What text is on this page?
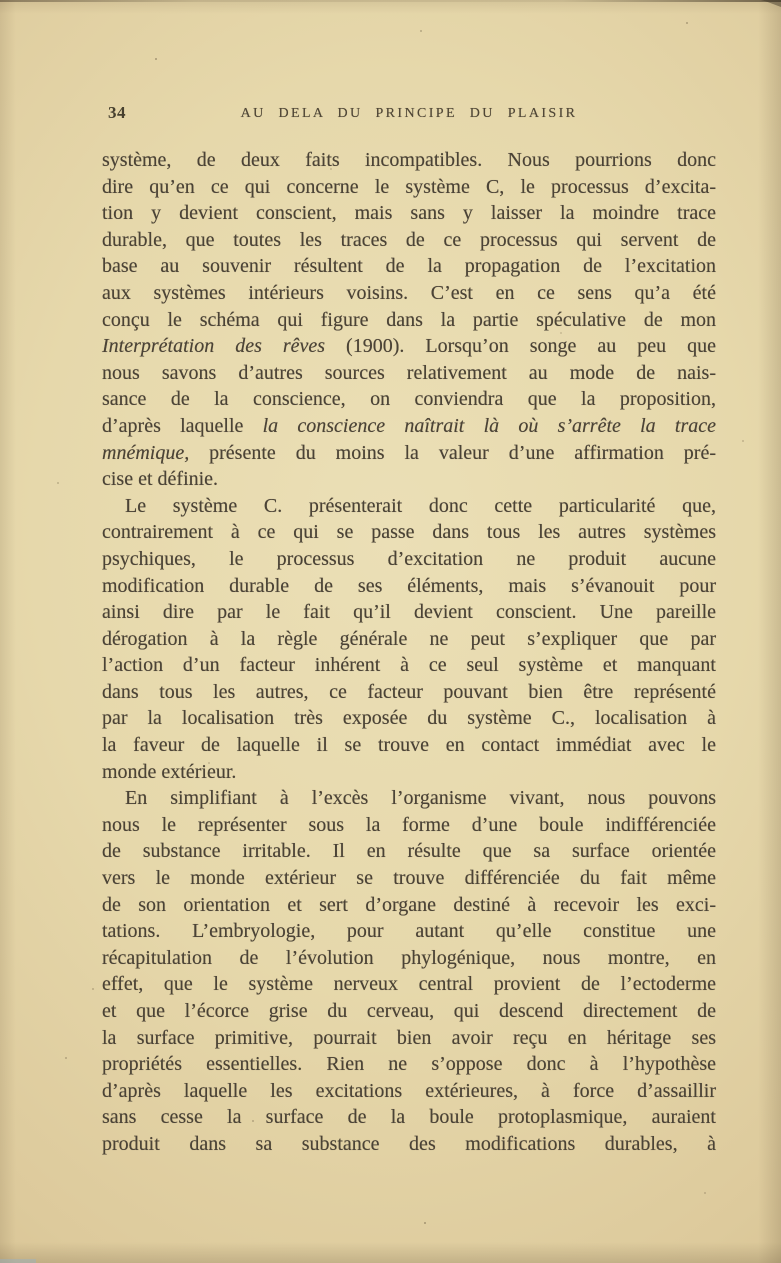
34	AU DELA DU PRINCIPE DU PLAISIR
système, de deux faits incompatibles. Nous pourrions donc
dire qu’en ce qui concerne le système C, le processus d’excita-
tion y devient conscient, mais sans y laisser la moindre trace
durable, que toutes les traces de ce processus qui servent de
base au souvenir résultent de la propagation de l’excitation
aux systèmes intérieurs voisins. C’est en ce sens qu’a été
conçu le schéma qui figure dans la partie spéculative de mon
Interprétation des rêves (1900). Lorsqu’on songe au peu que
nous savons d’autres sources relativement au mode de nais-
sance de la conscience, on conviendra que la proposition,
d’après laquelle la conscience naîtrait là où s’arrête la trace
mnémique, présente du moins la valeur d’une affirmation pré-
cise et définie.
Le système C. présenterait donc cette particularité que,
contrairement à ce qui se passe dans tous les autres systèmes
psychiques, le processus d’excitation ne produit aucune
modification durable de ses éléments, mais s’évanouit pour
ainsi dire par le fait qu’il devient conscient. Une pareille
dérogation à la règle générale ne peut s’expliquer que par
l’action d’un facteur inhérent à ce seul système et manquant
dans tous les autres, ce facteur pouvant bien être représenté
par la localisation très exposée du système C., localisation à
la faveur de laquelle il se trouve en contact immédiat avec le
monde extérieur.
En simplifiant à l’excès l’organisme vivant, nous pouvons
nous le représenter sous la forme d’une boule indifférenciée
de substance irritable. Il en résulte que sa surface orientée
vers le monde extérieur se trouve différenciée du fait même
de son orientation et sert d’organe destiné à recevoir les exci-
tations. L’embryologie, pour autant qu’elle constitue une
récapitulation de l’évolution phylogénique, nous montre, en
effet, que le système nerveux central provient de l’ectoderme
et que l’écorce grise du cerveau, qui descend directement de
la surface primitive, pourrait bien avoir reçu en héritage ses
propriétés essentielles. Rien ne s’oppose donc à l’hypothèse
d’après laquelle les excitations extérieures, à force d’assaillir
sans cesse la surface de la boule protoplasmique, auraient
produit dans sa substance des modifications durables, à
